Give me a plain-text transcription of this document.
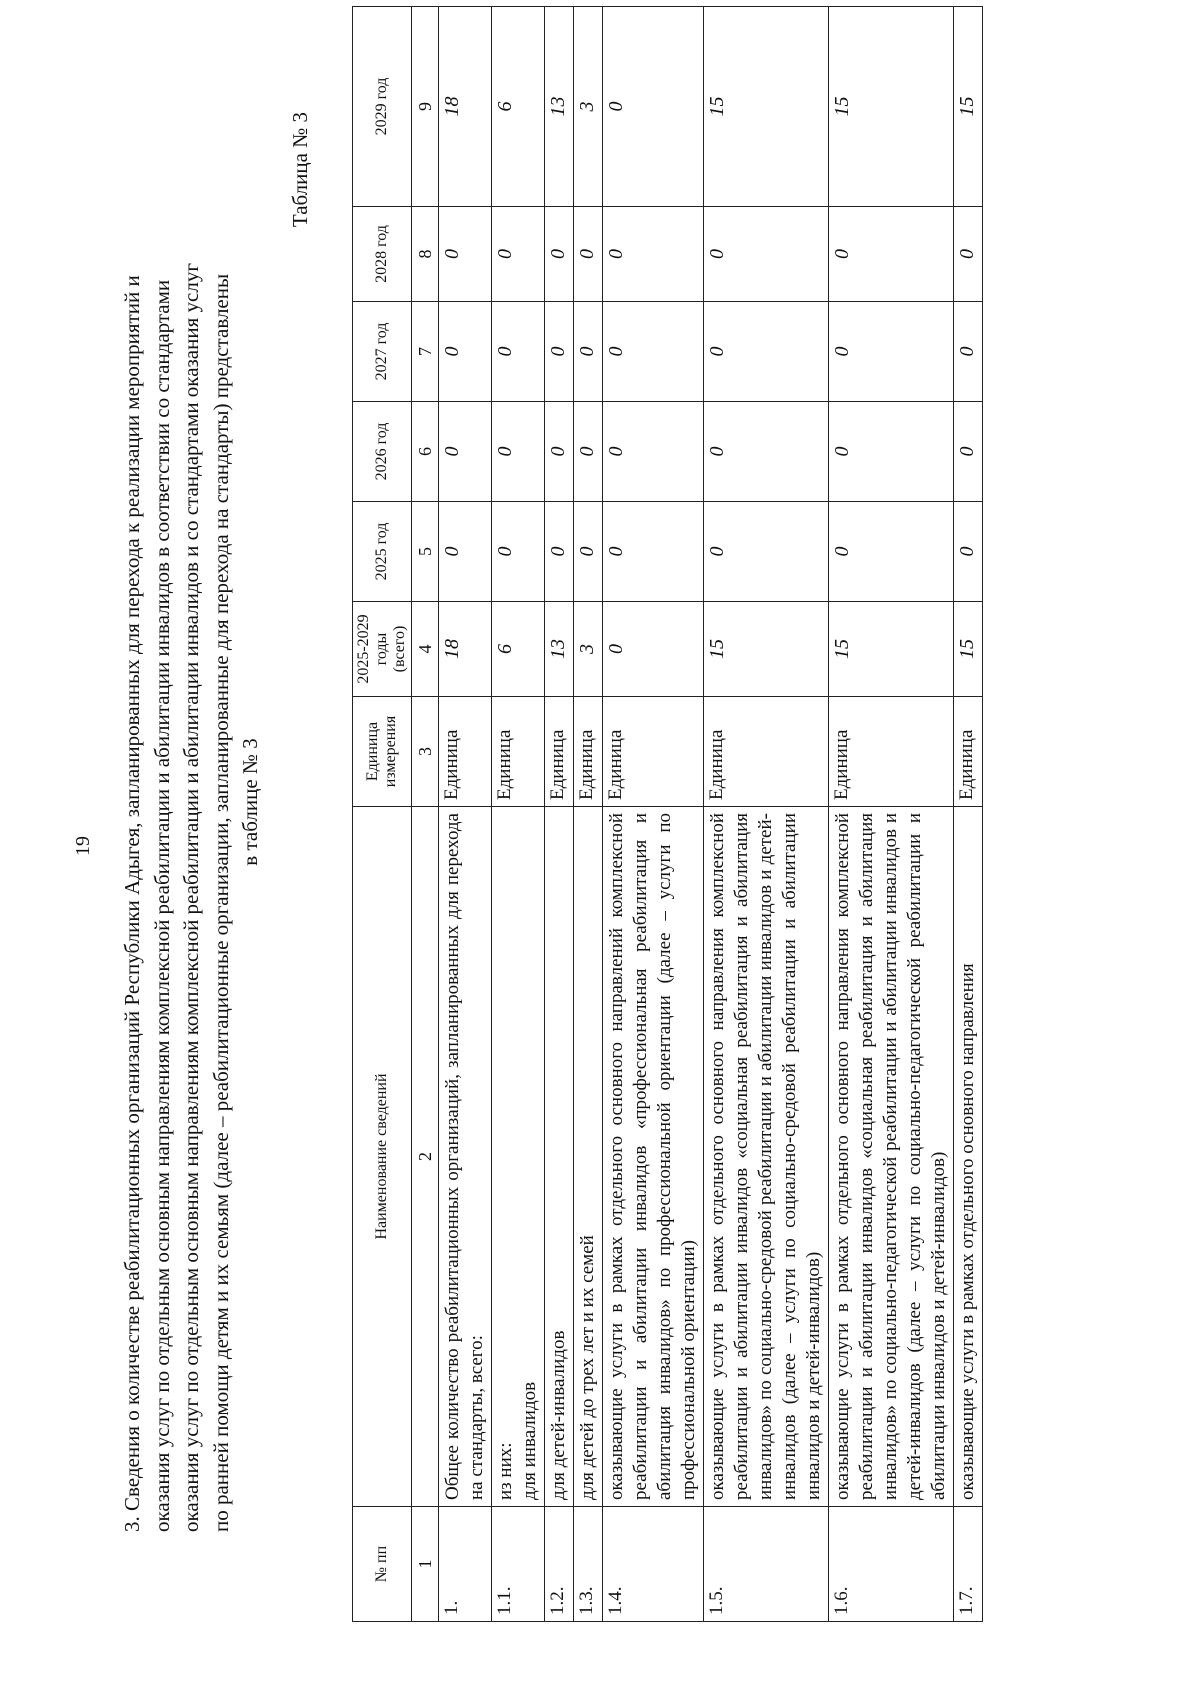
19 3. Сведения о количестве реабилитационных организаций Республики Адыгея, запланированных для перехода к реализации мероприятий и оказания услуг по отдельным основным направлениям комплексной реабилитации и абилитации инвалидов в соответствии со стандартами оказания услуг по отдельным основным направлениям комплексной реабилитации и абилитации инвалидов и со стандартами оказания услуг по ранней помощи детям и их семьям (далее – реабилитационные организации, запланированные для перехода на стандарты) представлены в таблице № 3
Таблица № 3
№ пп	Наименование сведений	Единица измерения	2025-2029 годы (всего)	2025 год	2026 год	2027 год	2028 год	2029 год
1	2	3	4	5	6	7	8	9
1.	Общее количество реабилитационных организаций, запланированных для перехода на стандарты, всего:	Единица	18	0	0	0	0	18
1.1.	из них: для инвалидов	Единица	6	0	0	0	0	6
1.2.	для детей-инвалидов	Единица	13	0	0	0	0	13
1.3.	для детей до трех лет и их семей	Единица	3	0	0	0	0	3
1.4.	оказывающие услуги в рамках отдельного основного направлений комплексной реабилитации и абилитации инвалидов «профессиональная реабилитация и абилитация инвалидов» по профессиональной ориентации (далее – услуги по профессиональной ориентации)	Единица	0	0	0	0	0	0
1.5.	оказывающие услуги в рамках отдельного основного направления комплексной реабилитации и абилитации инвалидов «социальная реабилитация и абилитация инвалидов» по социально-средовой реабилитации и абилитации инвалидов и детей-инвалидов (далее – услуги по социально-средовой реабилитации и абилитации инвалидов и детей-инвалидов)	Единица	15	0	0	0	0	15
1.6.	оказывающие услуги в рамках отдельного основного направления комплексной реабилитации и абилитации инвалидов «социальная реабилитация и абилитация инвалидов» по социально-педагогической реабилитации и абилитации инвалидов и детей-инвалидов (далее – услуги по социально-педагогической реабилитации и абилитации инвалидов и детей-инвалидов)	Единица	15	0	0	0	0	15
1.7.	оказывающие услуги в рамках отдельного основного направления	Единица	15	0	0	0	0	15
